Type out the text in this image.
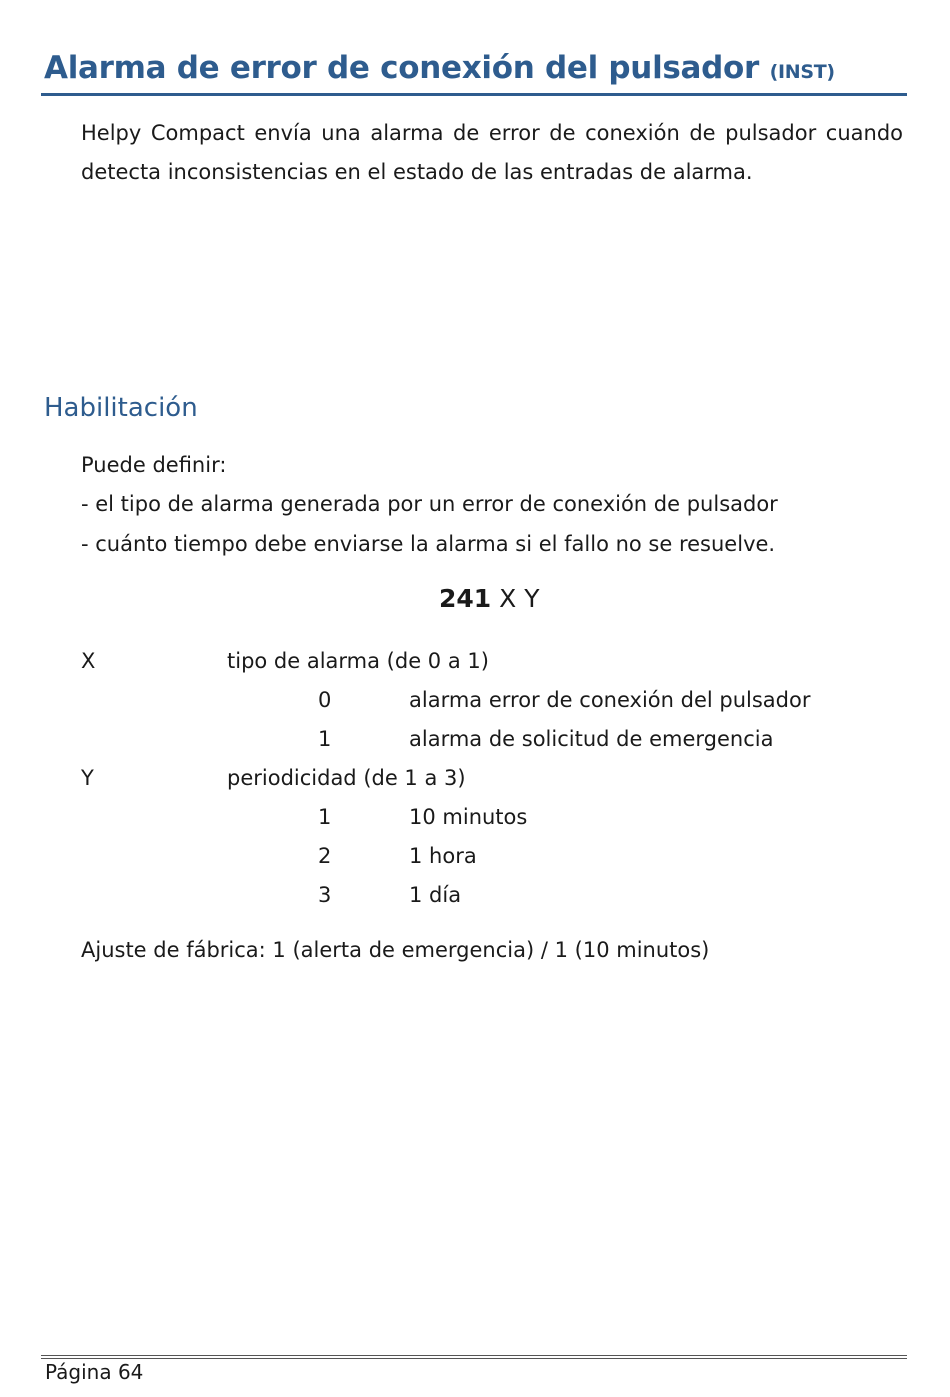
Alarma de error de conexión del pulsador (INST)
Helpy Compact envía una alarma de error de conexión de pulsador cuando detecta inconsistencias en el estado de las entradas de alarma.
Habilitación
Puede definir:
- el tipo de alarma generada por un error de conexión de pulsador
- cuánto tiempo debe enviarse la alarma si el fallo no se resuelve.
241 X Y
X	tipo de alarma (de 0 a 1)
0	alarma error de conexión del pulsador
1	alarma de solicitud de emergencia
Y	periodicidad (de 1 a 3)
1	10 minutos
2	1 hora
3	1 día
Ajuste de fábrica: 1 (alerta de emergencia) / 1 (10 minutos)
Página 64
